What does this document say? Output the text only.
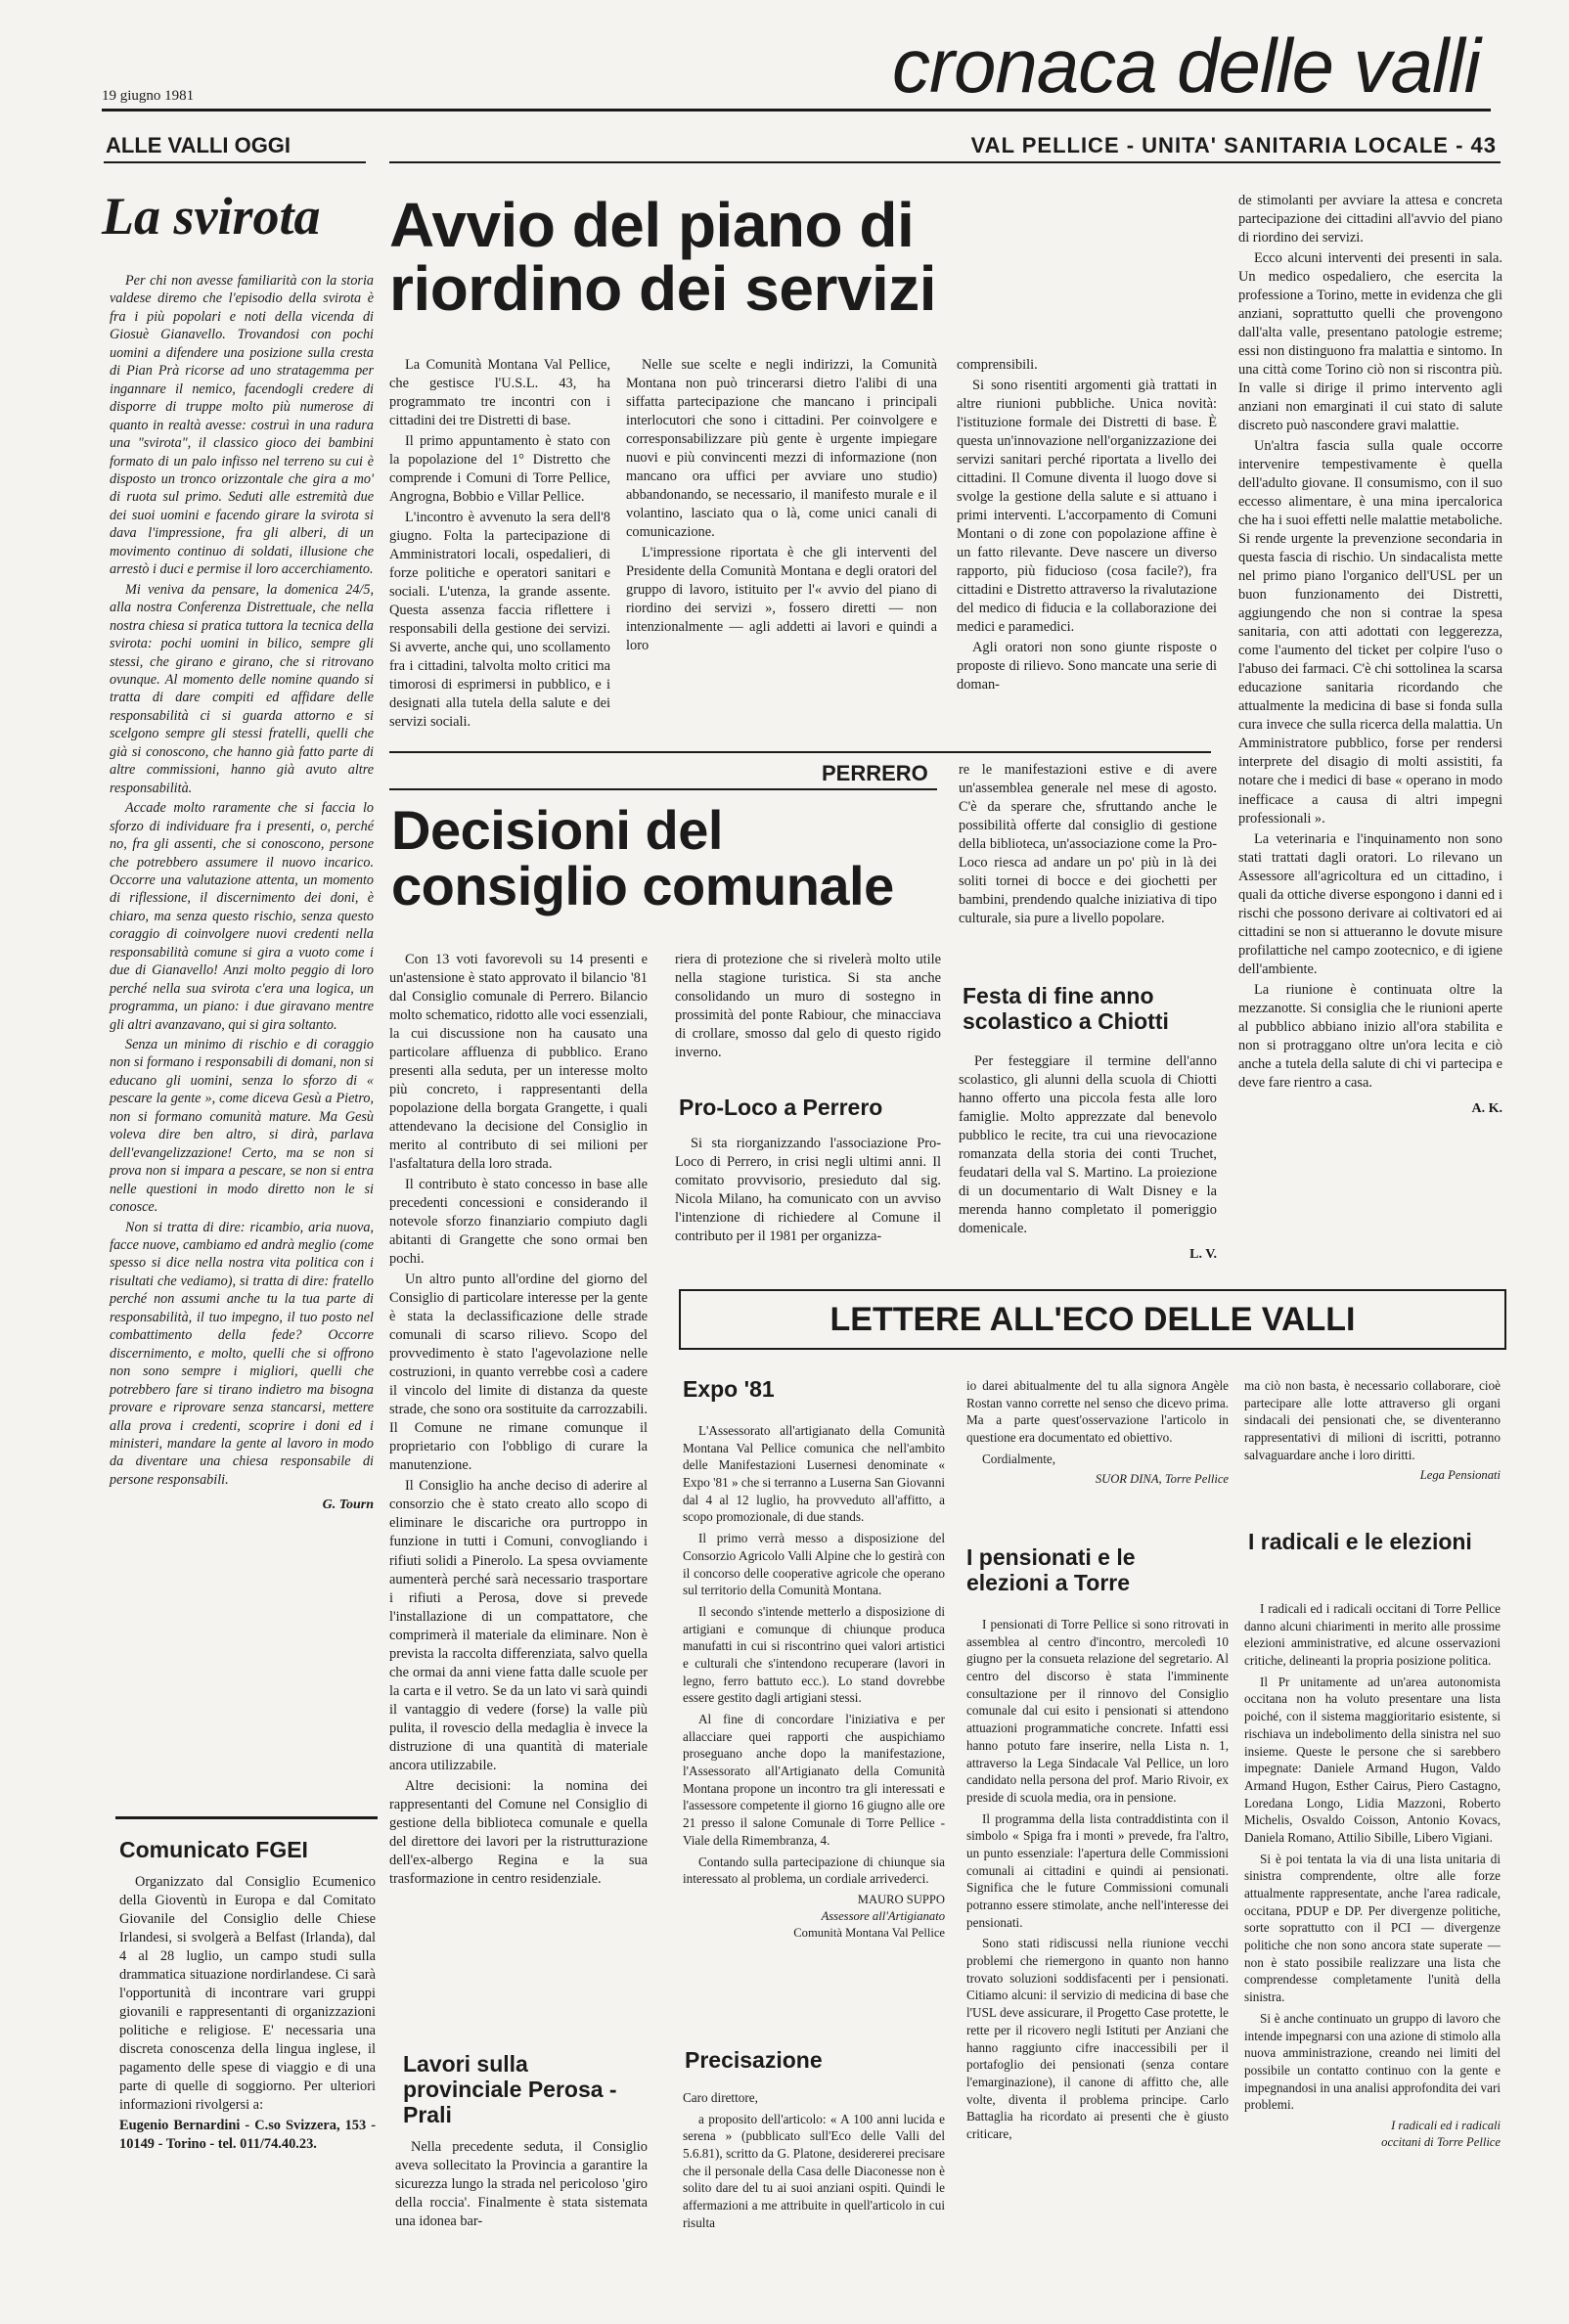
19 giugno 1981	cronaca delle valli
ALLE VALLI OGGI	VAL PELLICE - UNITA' SANITARIA LOCALE - 43
La svirota

Per chi non avesse familiarità con la storia valdese diremo che l'episodio della svirota è fra i più popolari e noti della vicenda di Giosuè Gianavello. Trovandosi con pochi uomini a difendere una posizione sulla cresta di Pian Prà ricorse ad uno stratagemma per ingannare il nemico, facendogli credere di disporre di truppe molto più numerose di quanto in realtà avesse: costruì in una radura una "svirota", il classico gioco dei bambini formato di un palo infisso nel terreno su cui è disposto un tronco orizzontale che gira a mo' di ruota sul primo. Seduti alle estremità due dei suoi uomini e facendo girare la svirota si dava l'impressione, fra gli alberi, di un movimento continuo di soldati, illusione che arrestò i duci e permise il loro accerchiamento.

Mi veniva da pensare, la domenica 24/5, alla nostra Conferenza Distrettuale, che nella nostra chiesa si pratica tuttora la tecnica della svirota: pochi uomini in bilico, sempre gli stessi, che girano e girano, che si ritrovano ovunque. Al momento delle nomine quando si tratta di dare compiti ed affidare delle responsabilità ci si guarda attorno e si scelgono sempre gli stessi fratelli, quelli che già si conoscono, che hanno già fatto parte di altre commissioni, hanno già avuto altre responsabilità.

Accade molto raramente che si faccia lo sforzo di individuare fra i presenti, o, perché no, fra gli assenti, che si conoscono, persone che potrebbero assumere il nuovo incarico. Occorre una valutazione attenta, un momento di riflessione, il discernimento dei doni, è chiaro, ma senza questo rischio, senza questo coraggio di coinvolgere nuovi credenti nella responsabilità comune si gira a vuoto come i due di Gianavello! Anzi molto peggio di loro perché nella sua svirota c'era una logica, un programma, un piano: i due giravano mentre gli altri avanzavano, qui si gira soltanto.

Senza un minimo di rischio e di coraggio non si formano i responsabili di domani, non si educano gli uomini, senza lo sforzo di « pescare la gente », come diceva Gesù a Pietro, non si formano comunità mature. Ma Gesù voleva dire ben altro, si dirà, parlava dell'evangelizzazione! Certo, ma se non si prova non si impara a pescare, se non si entra nelle questioni in modo diretto non le si conosce.

Non si tratta di dire: ricambio, aria nuova, facce nuove, cambiamo ed andrà meglio (come spesso si dice nella nostra vita politica con i risultati che vediamo), si tratta di dire: fratello perché non assumi anche tu la tua parte di responsabilità, il tuo impegno, il tuo posto nel combattimento della fede? Occorre discernimento, e molto, quelli che si offrono non sono sempre i migliori, quelli che potrebbero fare si tirano indietro ma bisogna provare e riprovare senza stancarsi, mettere alla prova i credenti, scoprire i doni ed i ministeri, mandare la gente al lavoro in modo da diventare una chiesa responsabile di persone responsabili.

G. Tourn
Comunicato FGEI

Organizzato dal Consiglio Ecumenico della Gioventù in Europa e dal Comitato Giovanile del Consiglio delle Chiese Irlandesi, si svolgerà a Belfast (Irlanda), dal 4 al 28 luglio, un campo studi sulla drammatica situazione nordirlandese. Ci sarà l'opportunità di incontrare vari gruppi giovanili e rappresentanti di organizzazioni politiche e religiose. E' necessaria una discreta conoscenza della lingua inglese, il pagamento delle spese di viaggio e di una parte di quelle di soggiorno. Per ulteriori informazioni rivolgersi a:

Eugenio Bernardini - C.so Svizzera, 153 - 10149 - Torino - tel. 011/74.40.23.

Avvio del piano di riordino dei servizi

La Comunità Montana Val Pellice, che gestisce l'U.S.L. 43, ha programmato tre incontri con i cittadini dei tre Distretti di base.

Il primo appuntamento è stato con la popolazione del 1° Distretto che comprende i Comuni di Torre Pellice, Angrogna, Bobbio e Villar Pellice.

L'incontro è avvenuto la sera dell'8 giugno. Folta la partecipazione di Amministratori locali, ospedalieri, di forze politiche e operatori sanitari e sociali. L'utenza, la grande assente. Questa assenza faccia riflettere i responsabili della gestione dei servizi. Si avverte, anche qui, uno scollamento fra i cittadini, talvolta molto critici ma timorosi di esprimersi in pubblico, e i designati alla tutela della salute e dei servizi sociali.

Nelle sue scelte e negli indirizzi, la Comunità Montana non può trincerarsi dietro l'alibi di una siffatta partecipazione che mancano i principali interlocutori che sono i cittadini. Per coinvolgere e corresponsabilizzare più gente è urgente impiegare nuovi e più convincenti mezzi di informazione (non mancano ora uffici per avviare uno studio) abbandonando, se necessario, il manifesto murale e il volantino, lasciato qua o là, come unici canali di comunicazione.

L'impressione riportata è che gli interventi del Presidente della Comunità Montana e degli oratori del gruppo di lavoro, istituito per l'« avvio del piano di riordino dei servizi », fossero diretti — non intenzionalmente — agli addetti ai lavori e quindi a loro

comprensibili.

Si sono risentiti argomenti già trattati in altre riunioni pubbliche. Unica novità: l'istituzione formale dei Distretti di base. È questa un'innovazione nell'organizzazione dei servizi sanitari perché riportata a livello dei cittadini. Il Comune diventa il luogo dove si svolge la gestione della salute e si attuano i primi interventi. L'accorpamento di Comuni Montani o di zone con popolazione affine è un fatto rilevante. Deve nascere un diverso rapporto, più fiducioso (cosa facile?), fra cittadini e Distretto attraverso la rivalutazione del medico di fiducia e la collaborazione dei medici e paramedici.

Agli oratori non sono giunte risposte o proposte di rilievo. Sono mancate una serie di doman-

de stimolanti per avviare la attesa e concreta partecipazione dei cittadini all'avvio del piano di riordino dei servizi.

Ecco alcuni interventi dei presenti in sala. Un medico ospedaliero, che esercita la professione a Torino, mette in evidenza che gli anziani, soprattutto quelli che provengono dall'alta valle, presentano patologie estreme; essi non distinguono fra malattia e sintomo. In una città come Torino ciò non si riscontra più. In valle si dirige il primo intervento agli anziani non emarginati il cui stato di salute discreto può nascondere gravi malattie.

Un'altra fascia sulla quale occorre intervenire tempestivamente è quella dell'adulto giovane. Il consumismo, con il suo eccesso alimentare, è una mina ipercalorica che ha i suoi effetti nelle malattie metaboliche. Si rende urgente la prevenzione secondaria in questa fascia di rischio. Un sindacalista mette nel primo piano l'organico dell'USL per un buon funzionamento dei Distretti, aggiungendo che non si contrae la spesa sanitaria, con atti adottati con leggerezza, come l'aumento del ticket per colpire l'uso o l'abuso dei farmaci. C'è chi sottolinea la scarsa educazione sanitaria ricordando che attualmente la medicina di base si fonda sulla cura invece che sulla ricerca della malattia. Un Amministratore pubblico, forse per rendersi interprete del disagio di molti assistiti, fa notare che i medici di base « operano in modo inefficace a causa di altri impegni professionali ».

La veterinaria e l'inquinamento non sono stati trattati dagli oratori. Lo rilevano un Assessore all'agricoltura ed un cittadino, i quali da ottiche diverse espongono i danni ed i rischi che possono derivare ai coltivatori ed ai cittadini se non si attueranno le dovute misure profilattiche nel campo zootecnico, e di igiene dell'ambiente.

La riunione è continuata oltre la mezzanotte. Si consiglia che le riunioni aperte al pubblico abbiano inizio all'ora stabilita e non si protraggano oltre un'ora lecita e ciò anche a tutela della salute di chi vi partecipa e deve fare rientro a casa.

A. K.
PERRERO
Decisioni del consiglio comunale

Con 13 voti favorevoli su 14 presenti e un'astensione è stato approvato il bilancio '81 dal Consiglio comunale di Perrero. Bilancio molto schematico, ridotto alle voci essenziali, la cui discussione non ha causato una particolare affluenza di pubblico. Erano presenti alla seduta, per un interesse molto più concreto, i rappresentanti della popolazione della borgata Grangette, i quali attendevano la decisione del Consiglio in merito al contributo di sei milioni per l'asfaltatura della loro strada.

Il contributo è stato concesso in base alle precedenti concessioni e considerando il notevole sforzo finanziario compiuto dagli abitanti di Grangette che sono ormai ben pochi.

Un altro punto all'ordine del giorno del Consiglio di particolare interesse per la gente è stata la declassificazione delle strade comunali di scarso rilievo. Scopo del provvedimento è stato l'agevolazione nelle costruzioni, in quanto verrebbe così a cadere il vincolo del limite di distanza da queste strade, che sono ora sostituite da carrozzabili. Il Comune ne rimane comunque il proprietario con l'obbligo di curare la manutenzione.

Il Consiglio ha anche deciso di aderire al consorzio che è stato creato allo scopo di eliminare le discariche ora purtroppo in funzione in tutti i Comuni, convogliando i rifiuti solidi a Pinerolo. La spesa ovviamente aumenterà perché sarà necessario trasportare i rifiuti a Perosa, dove si prevede l'installazione di un compattatore, che comprimerà il materiale da eliminare. Non è prevista la raccolta differenziata, salvo quella che ormai da anni viene fatta dalle scuole per la carta e il vetro. Se da un lato vi sarà quindi il vantaggio di vedere (forse) la valle più pulita, il rovescio della medaglia è invece la distruzione di una quantità di materiale ancora utilizzabile.

Altre decisioni: la nomina dei rappresentanti del Comune nel Consiglio di gestione della biblioteca comunale e quella del direttore dei lavori per la ristrutturazione dell'ex-albergo Regina e la sua trasformazione in centro residenziale.

Lavori sulla provinciale Perosa - Prali

Nella precedente seduta, il Consiglio aveva sollecitato la Provincia a garantire la sicurezza lungo la strada nel pericoloso 'giro della roccia'. Finalmente è stata sistemata una idonea bar-

riera di protezione che si rivelerà molto utile nella stagione turistica. Si sta anche consolidando un muro di sostegno in prossimità del ponte Rabiour, che minacciava di crollare, smosso dal gelo di questo rigido inverno.

Pro-Loco a Perrero

Si sta riorganizzando l'associazione Pro-Loco di Perrero, in crisi negli ultimi anni. Il comitato provvisorio, presieduto dal sig. Nicola Milano, ha comunicato con un avviso l'intenzione di richiedere al Comune il contributo per il 1981 per organizza-

re le manifestazioni estive e di avere un'assemblea generale nel mese di agosto. C'è da sperare che, sfruttando anche le possibilità offerte dal consiglio di gestione della biblioteca, un'associazione come la Pro-Loco riesca ad andare un po' più in là dei soliti tornei di bocce e dei giochetti per bambini, prendendo qualche iniziativa di tipo culturale, sia pure a livello popolare.

Festa di fine anno scolastico a Chiotti

Per festeggiare il termine dell'anno scolastico, gli alunni della scuola di Chiotti hanno offerto una piccola festa alle loro famiglie. Molto apprezzate dal benevolo pubblico le recite, tra cui una rievocazione romanzata della storia dei conti Truchet, feudatari della val S. Martino. La proiezione di un documentario di Walt Disney e la merenda hanno completato il pomeriggio domenicale.

L. V.
LETTERE ALL'ECO DELLE VALLI
Expo '81

L'Assessorato all'artigianato della Comunità Montana Val Pellice comunica che nell'ambito delle Manifestazioni Lusernesi denominate « Expo '81 » che si terranno a Luserna San Giovanni dal 4 al 12 luglio, ha provveduto all'affitto, a scopo promozionale, di due stands.

Il primo verrà messo a disposizione del Consorzio Agricolo Valli Alpine che lo gestirà con il concorso delle cooperative agricole che operano sul territorio della Comunità Montana.

Il secondo s'intende metterlo a disposizione di artigiani e comunque di chiunque produca manufatti in cui si riscontrino quei valori artistici e culturali che s'intendono recuperare (lavori in legno, ferro battuto ecc.). Lo stand dovrebbe essere gestito dagli artigiani stessi.

Al fine di concordare l'iniziativa e per allacciare quei rapporti che auspichiamo proseguano anche dopo la manifestazione, l'Assessorato all'Artigianato della Comunità Montana propone un incontro tra gli interessati e l'assessore competente il giorno 16 giugno alle ore 21 presso il salone Comunale di Torre Pellice - Viale della Rimembranza, 4.

Contando sulla partecipazione di chiunque sia interessato al problema, un cordiale arrivederci.

MAURO SUPPO
Assessore all'Artigianato
Comunità Montana Val Pellice
Precisazione

Caro direttore,

a proposito dell'articolo: « A 100 anni lucida e serena » (pubblicato sull'Eco delle Valli del 5.6.81), scritto da G. Platone, desidererei precisare che il personale della Casa delle Diaconesse non è solito dare del tu ai suoi anziani ospiti. Quindi le affermazioni a me attribuite in quell'articolo in cui risulta

io darei abitualmente del tu alla signora Angèle Rostan vanno corrette nel senso che dicevo prima. Ma a parte quest'osservazione l'articolo in questione era documentato ed obiettivo.

Cordialmente,

SUOR DINA, Torre Pellice
I pensionati e le elezioni a Torre

I pensionati di Torre Pellice si sono ritrovati in assemblea al centro d'incontro, mercoledì 10 giugno per la consueta relazione del segretario. Al centro del discorso è stata l'imminente consultazione per il rinnovo del Consiglio comunale dal cui esito i pensionati si attendono attuazioni programmatiche concrete. Infatti essi hanno potuto fare inserire, nella Lista n. 1, attraverso la Lega Sindacale Val Pellice, un loro candidato nella persona del prof. Mario Rivoir, ex preside di scuola media, ora in pensione.

Il programma della lista contraddistinta con il simbolo « Spiga fra i monti » prevede, fra l'altro, un punto essenziale: l'apertura delle Commissioni comunali ai cittadini e quindi ai pensionati. Significa che le future Commissioni comunali potranno essere stimolate, anche nell'interesse dei pensionati.

Sono stati ridiscussi nella riunione vecchi problemi che riemergono in quanto non hanno trovato soluzioni soddisfacenti per i pensionati. Citiamo alcuni: il servizio di medicina di base che l'USL deve assicurare, il Progetto Case protette, le rette per il ricovero negli Istituti per Anziani che hanno raggiunto cifre inaccessibili per il portafoglio dei pensionati (senza contare l'emarginazione), il canone di affitto che, alle volte, diventa il problema principe. Carlo Battaglia ha ricordato ai presenti che è giusto criticare,

ma ciò non basta, è necessario collaborare, cioè partecipare alle lotte attraverso gli organi sindacali dei pensionati che, se diventeranno rappresentativi di milioni di iscritti, potranno salvaguardare anche i loro diritti.

Lega Pensionati
I radicali e le elezioni

I radicali ed i radicali occitani di Torre Pellice danno alcuni chiarimenti in merito alle prossime elezioni amministrative, ed alcune osservazioni critiche, delineanti la propria posizione politica.

Il Pr unitamente ad un'area autonomista occitana non ha voluto presentare una lista poiché, con il sistema maggioritario esistente, si rischiava un indebolimento della sinistra nel suo insieme. Queste le persone che si sarebbero impegnate: Daniele Armand Hugon, Valdo Armand Hugon, Esther Cairus, Piero Castagno, Loredana Longo, Lidia Mazzoni, Roberto Michelis, Osvaldo Coisson, Antonio Kovacs, Daniela Romano, Attilio Sibille, Libero Vigiani.

Si è poi tentata la via di una lista unitaria di sinistra comprendente, oltre alle forze attualmente rappresentate, anche l'area radicale, occitana, PDUP e DP. Per divergenze politiche, sorte soprattutto con il PCI — divergenze politiche che non sono ancora state superate — non è stato possibile realizzare una lista che comprendesse completamente l'unità della sinistra.

Si è anche continuato un gruppo di lavoro che intende impegnarsi con una azione di stimolo alla nuova amministrazione, creando nei limiti del possibile un contatto continuo con la gente e impegnandosi in una analisi approfondita dei vari problemi.

I radicali ed i radicali
occitani di Torre Pellice
